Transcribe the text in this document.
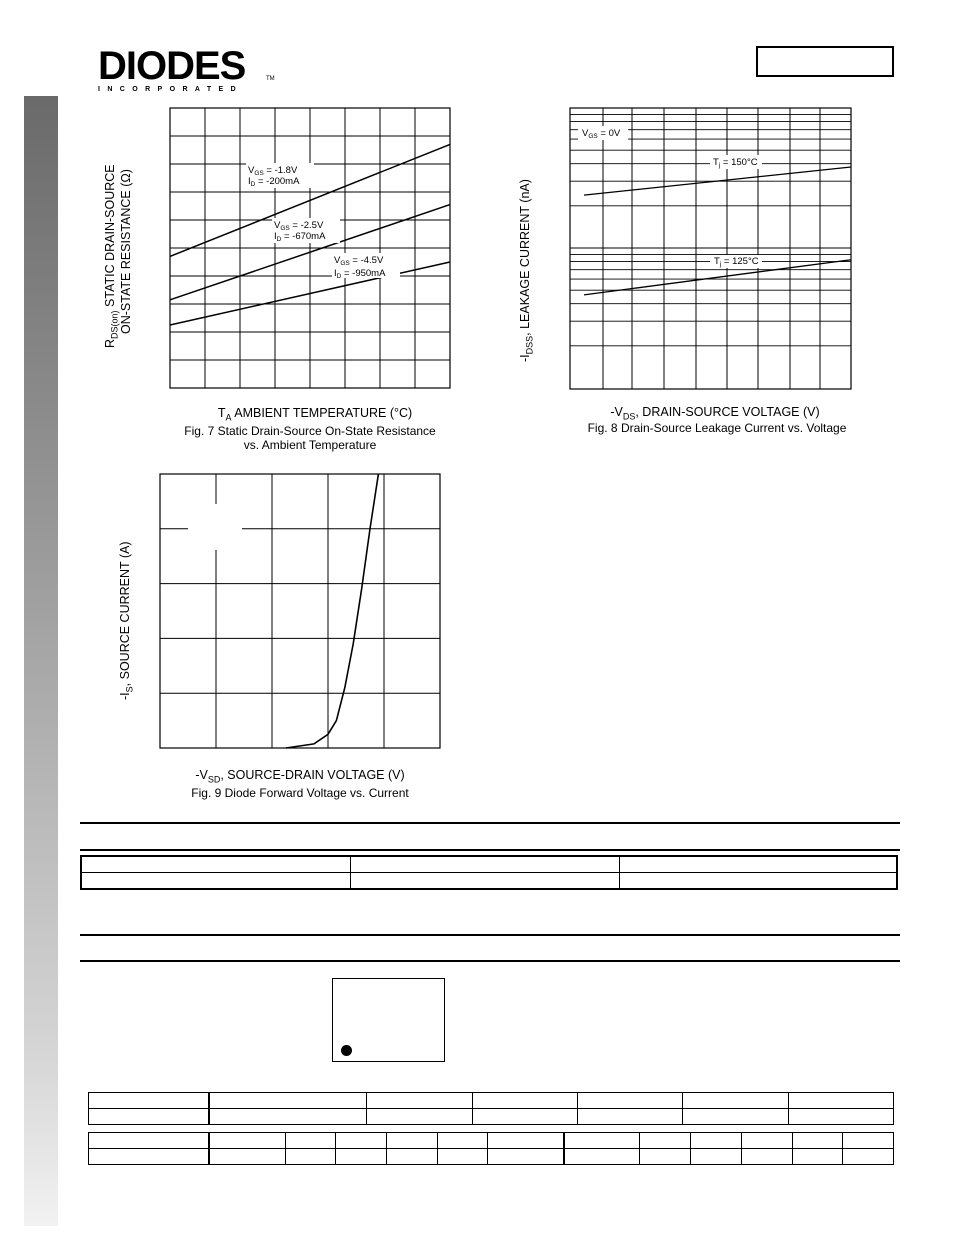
DIODES
INCORPORATED
TM
$V_{GS} = -1.8V$
$I_D = -200mA$
$V_{GS} = -2.5V$
$I_D = -670mA$
$V_{GS} = -4.5V$
$I_D = -950mA$
$R_{DS(on)}$ STATIC DRAIN-SOURCE ON-STATE RESISTANCE (Ω)
$T_A$ AMBIENT TEMPERATURE (°C)
Fig. 7 Static Drain-Source On-State Resistance
vs. Ambient Temperature
$V_{GS} = 0V$
$T_j = 150^\circ C$
$T_j = 125^\circ C$
$-I_{DSS}$, LEAKAGE CURRENT (nA)
$-V_{DS}$, DRAIN-SOURCE VOLTAGE (V)
Fig. 8 Drain-Source Leakage Current vs. Voltage
$-I_S$, SOURCE CURRENT (A)
$-V_{SD}$, SOURCE-DRAIN VOLTAGE (V)
Fig. 9 Diode Forward Voltage vs. Current
